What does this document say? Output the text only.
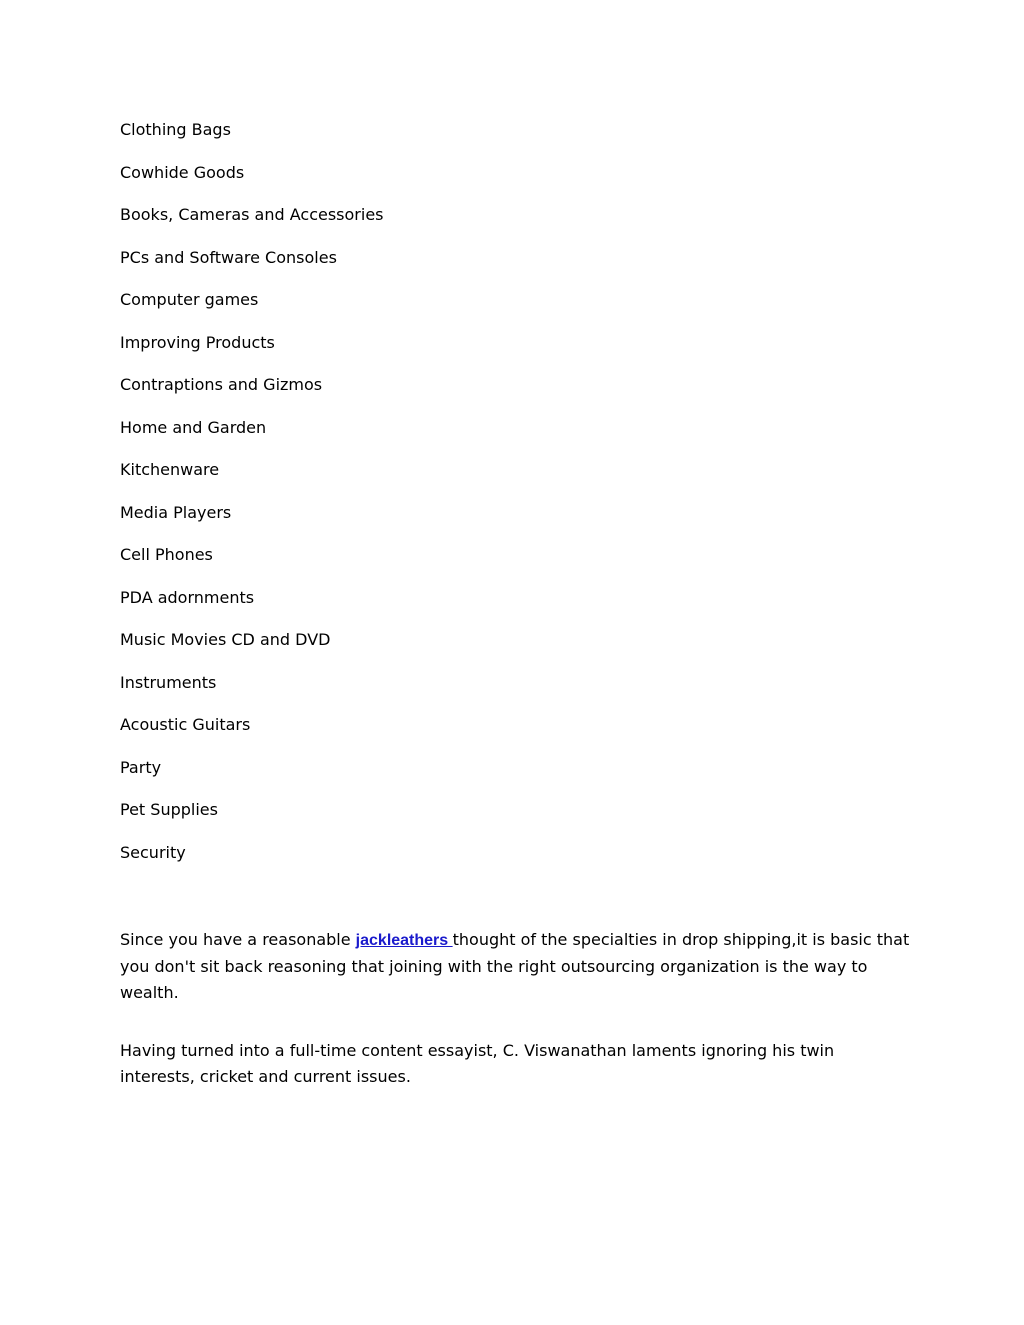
Clothing Bags
Cowhide Goods
Books, Cameras and Accessories
PCs and Software Consoles
Computer games
Improving Products
Contraptions and Gizmos
Home and Garden
Kitchenware
Media Players
Cell Phones
PDA adornments
Music Movies CD and DVD
Instruments
Acoustic Guitars
Party
Pet Supplies
Security

Since you have a reasonable jackleathers thought of the specialties in drop shipping,it is basic that you don't sit back reasoning that joining with the right outsourcing organization is the way to wealth.

Having turned into a full-time content essayist, C. Viswanathan laments ignoring his twin interests, cricket and current issues.
